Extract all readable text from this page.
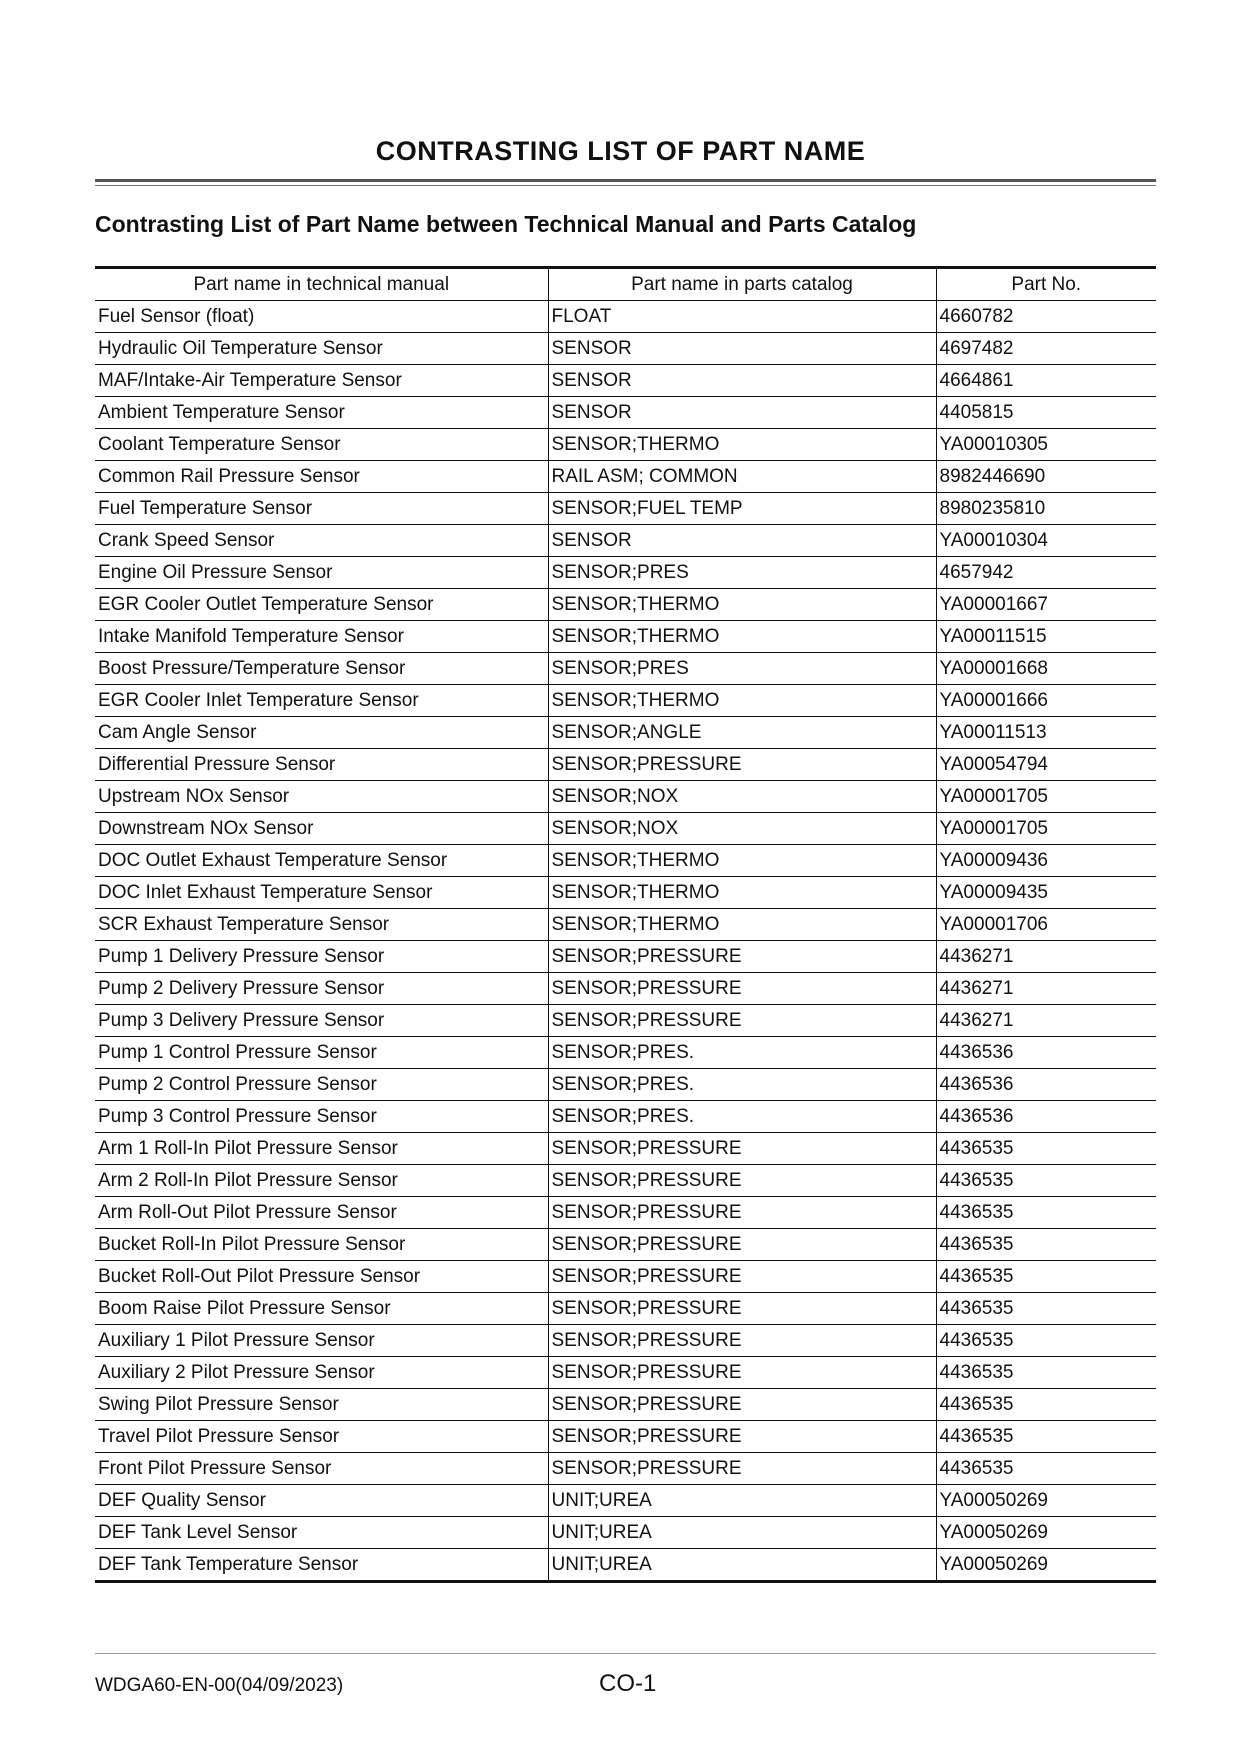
CONTRASTING LIST OF PART NAME
Contrasting List of Part Name between Technical Manual and Parts Catalog
Part name in technical manual	Part name in parts catalog	Part No.
Fuel Sensor (float)	FLOAT	4660782
Hydraulic Oil Temperature Sensor	SENSOR	4697482
MAF/Intake-Air Temperature Sensor	SENSOR	4664861
Ambient Temperature Sensor	SENSOR	4405815
Coolant Temperature Sensor	SENSOR;THERMO	YA00010305
Common Rail Pressure Sensor	RAIL ASM; COMMON	8982446690
Fuel Temperature Sensor	SENSOR;FUEL TEMP	8980235810
Crank Speed Sensor	SENSOR	YA00010304
Engine Oil Pressure Sensor	SENSOR;PRES	4657942
EGR Cooler Outlet Temperature Sensor	SENSOR;THERMO	YA00001667
Intake Manifold Temperature Sensor	SENSOR;THERMO	YA00011515
Boost Pressure/Temperature Sensor	SENSOR;PRES	YA00001668
EGR Cooler Inlet Temperature Sensor	SENSOR;THERMO	YA00001666
Cam Angle Sensor	SENSOR;ANGLE	YA00011513
Differential Pressure Sensor	SENSOR;PRESSURE	YA00054794
Upstream NOx Sensor	SENSOR;NOX	YA00001705
Downstream NOx Sensor	SENSOR;NOX	YA00001705
DOC Outlet Exhaust Temperature Sensor	SENSOR;THERMO	YA00009436
DOC Inlet Exhaust Temperature Sensor	SENSOR;THERMO	YA00009435
SCR Exhaust Temperature Sensor	SENSOR;THERMO	YA00001706
Pump 1 Delivery Pressure Sensor	SENSOR;PRESSURE	4436271
Pump 2 Delivery Pressure Sensor	SENSOR;PRESSURE	4436271
Pump 3 Delivery Pressure Sensor	SENSOR;PRESSURE	4436271
Pump 1 Control Pressure Sensor	SENSOR;PRES.	4436536
Pump 2 Control Pressure Sensor	SENSOR;PRES.	4436536
Pump 3 Control Pressure Sensor	SENSOR;PRES.	4436536
Arm 1 Roll-In Pilot Pressure Sensor	SENSOR;PRESSURE	4436535
Arm 2 Roll-In Pilot Pressure Sensor	SENSOR;PRESSURE	4436535
Arm Roll-Out Pilot Pressure Sensor	SENSOR;PRESSURE	4436535
Bucket Roll-In Pilot Pressure Sensor	SENSOR;PRESSURE	4436535
Bucket Roll-Out Pilot Pressure Sensor	SENSOR;PRESSURE	4436535
Boom Raise Pilot Pressure Sensor	SENSOR;PRESSURE	4436535
Auxiliary 1 Pilot Pressure Sensor	SENSOR;PRESSURE	4436535
Auxiliary 2 Pilot Pressure Sensor	SENSOR;PRESSURE	4436535
Swing Pilot Pressure Sensor	SENSOR;PRESSURE	4436535
Travel Pilot Pressure Sensor	SENSOR;PRESSURE	4436535
Front Pilot Pressure Sensor	SENSOR;PRESSURE	4436535
DEF Quality Sensor	UNIT;UREA	YA00050269
DEF Tank Level Sensor	UNIT;UREA	YA00050269
DEF Tank Temperature Sensor	UNIT;UREA	YA00050269
WDGA60-EN-00(04/09/2023)	CO-1
